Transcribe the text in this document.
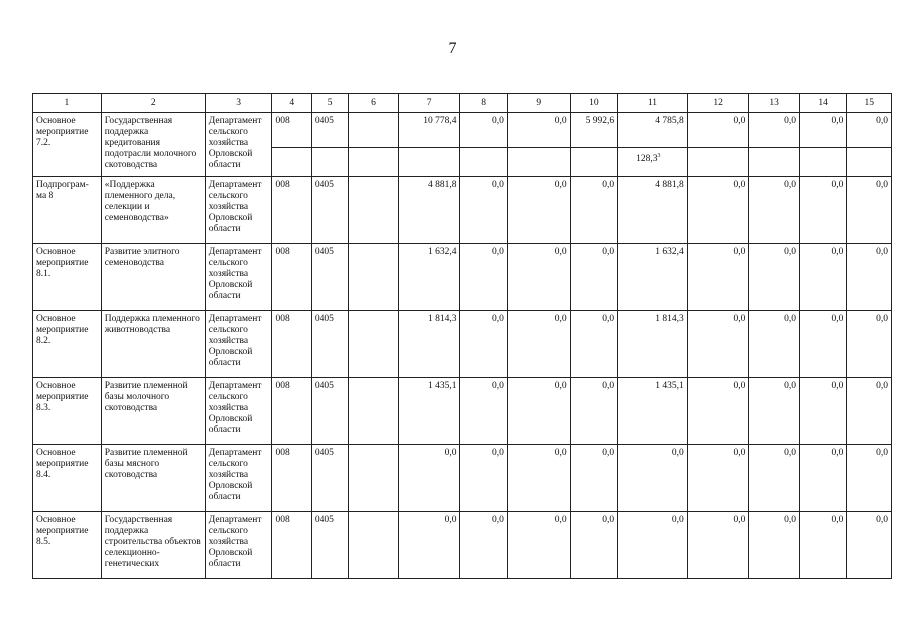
7
1	2	3	4	5	6	7	8	9	10	11	12	13	14	15
Основное мероприятие 7.2.	Государственная поддержка кредитования подотрасли молочного скотоводства	Департамент сельского хозяйства Орловской области	008	0405		10 778,4	0,0	0,0	5 992,6	4 785,8	0,0	0,0	0,0	0,0
										128,3$^3$				
Подпрограм-ма 8	«Поддержка племенного дела, селекции и семеноводства»	Департамент сельского хозяйства Орловской области	008	0405		4 881,8	0,0	0,0	0,0	4 881,8	0,0	0,0	0,0	0,0
Основное мероприятие 8.1.	Развитие элитного семеноводства	Департамент сельского хозяйства Орловской области	008	0405		1 632,4	0,0	0,0	0,0	1 632,4	0,0	0,0	0,0	0,0
Основное мероприятие 8.2.	Поддержка племенного животноводства	Департамент сельского хозяйства Орловской области	008	0405		1 814,3	0,0	0,0	0,0	1 814,3	0,0	0,0	0,0	0,0
Основное мероприятие 8.3.	Развитие племенной базы молочного скотоводства	Департамент сельского хозяйства Орловской области	008	0405		1 435,1	0,0	0,0	0,0	1 435,1	0,0	0,0	0,0	0,0
Основное мероприятие 8.4.	Развитие племенной базы мясного скотоводства	Департамент сельского хозяйства Орловской области	008	0405		0,0	0,0	0,0	0,0	0,0	0,0	0,0	0,0	0,0
Основное мероприятие 8.5.	Государственная поддержка строительства объектов селекционно-генетических	Департамент сельского хозяйства Орловской области	008	0405		0,0	0,0	0,0	0,0	0,0	0,0	0,0	0,0	0,0
